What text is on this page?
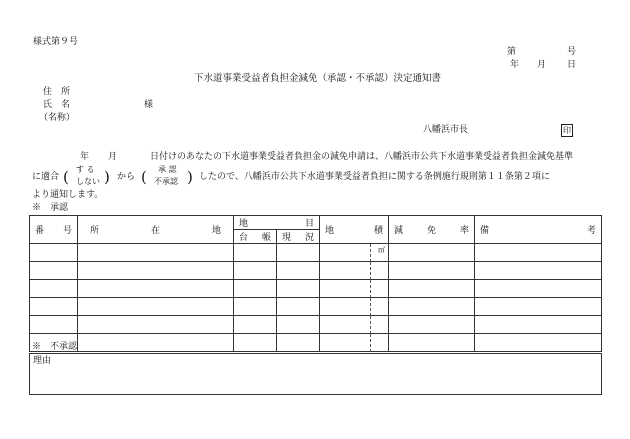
様式第９号
第	号
年 月 日
下水道事業受益者負担金減免（承認・不承認）決定通知書
住　所
氏　名	様
（名称）
八幡浜市長	印
年 月	日付けのあなたの下水道事業受益者負担金の減免申請は、八幡浜市公共下水道事業受益者負担金減免基準
に適合 ( す る
しない ) から ( 承 認
不承認 ) したので、八幡浜市公共下水道事業受益者負担に関する条例施行規則第１１条第２項に
より通知します。
※　承認
番 号	所 在 地	地 目		地 積	減 免 率	備 考

		台 帳	現 況			

				㎡		

※　不承認
理由
